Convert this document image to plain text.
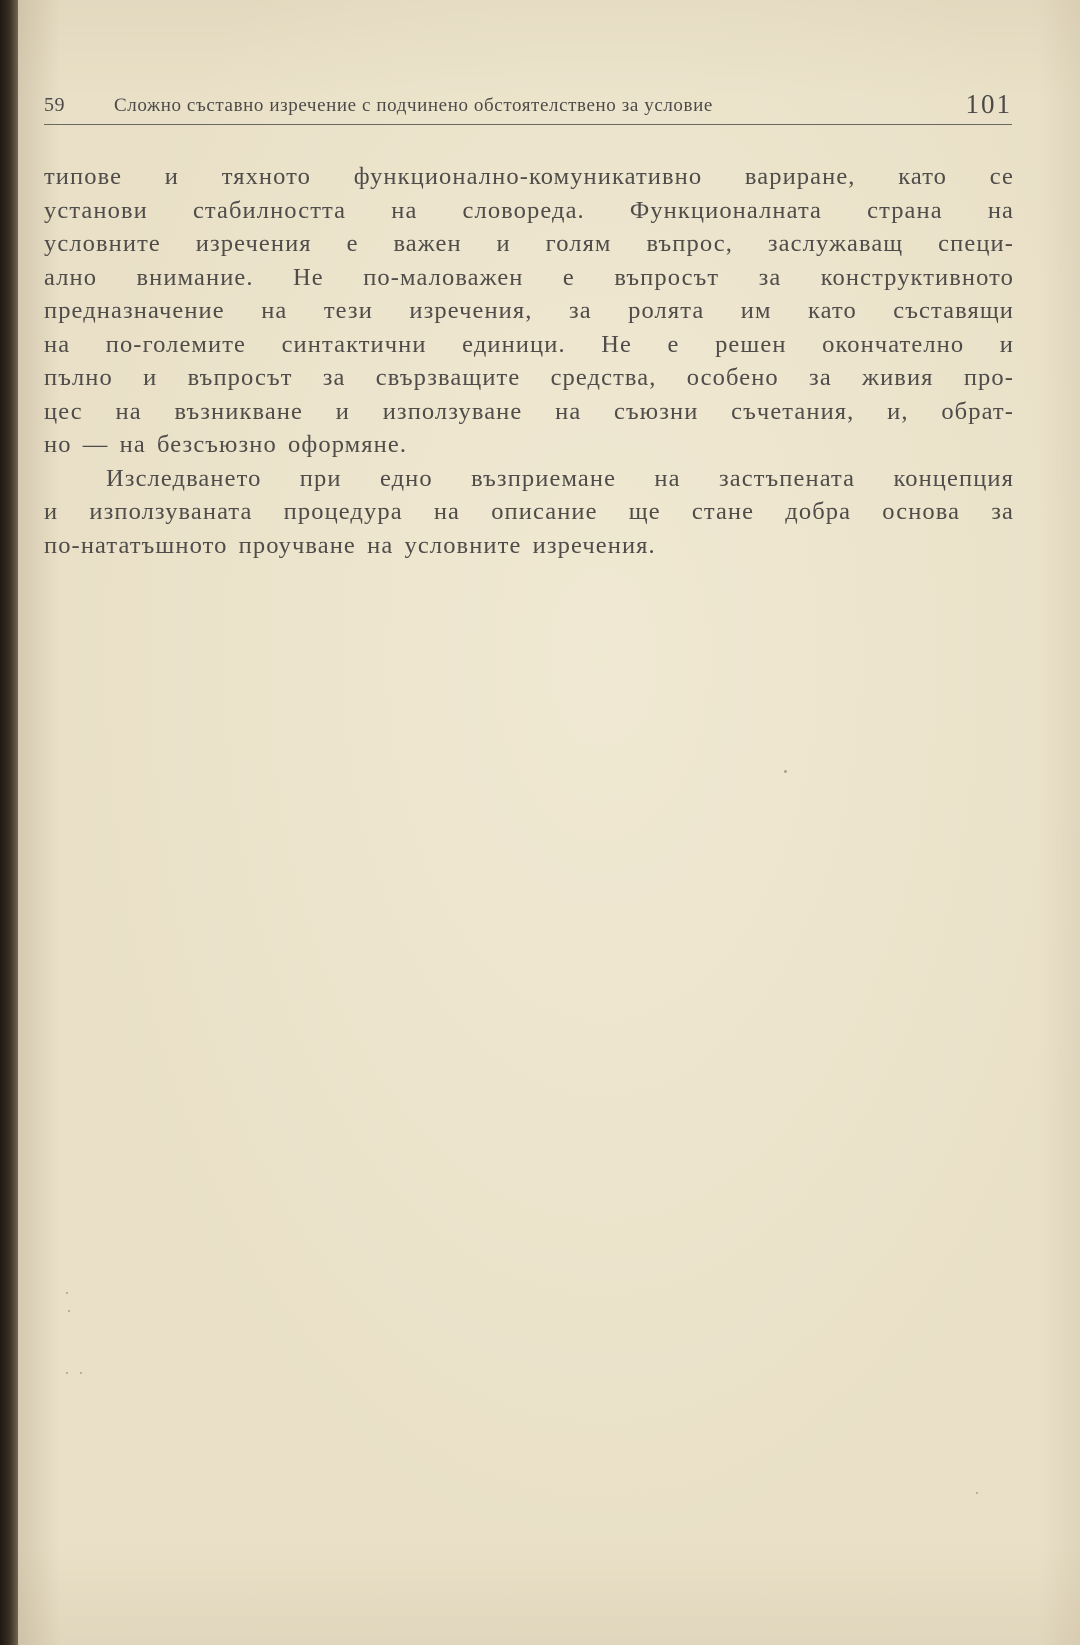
59	Сложно съставно изречение с подчинено обстоятелствено за условие	101
типове и тяхното функционално-комуникативно вариране, като се
установи стабилността на словореда. Функционалната страна на
условните изречения е важен и голям въпрос, заслужаващ специ-
ално внимание. Не по-маловажен е въпросът за конструктивното
предназначение на тези изречения, за ролята им като съставящи
на по-големите синтактични единици. Не е решен окончателно и
пълно и въпросът за свързващите средства, особено за живия про-
цес на възникване и използуване на съюзни съчетания, и, обрат-
но — на безсъюзно оформяне.
Изследването при едно възприемане на застъпената концепция
и използуваната процедура на описание ще стане добра основа за
по-нататъшното проучване на условните изречения.
